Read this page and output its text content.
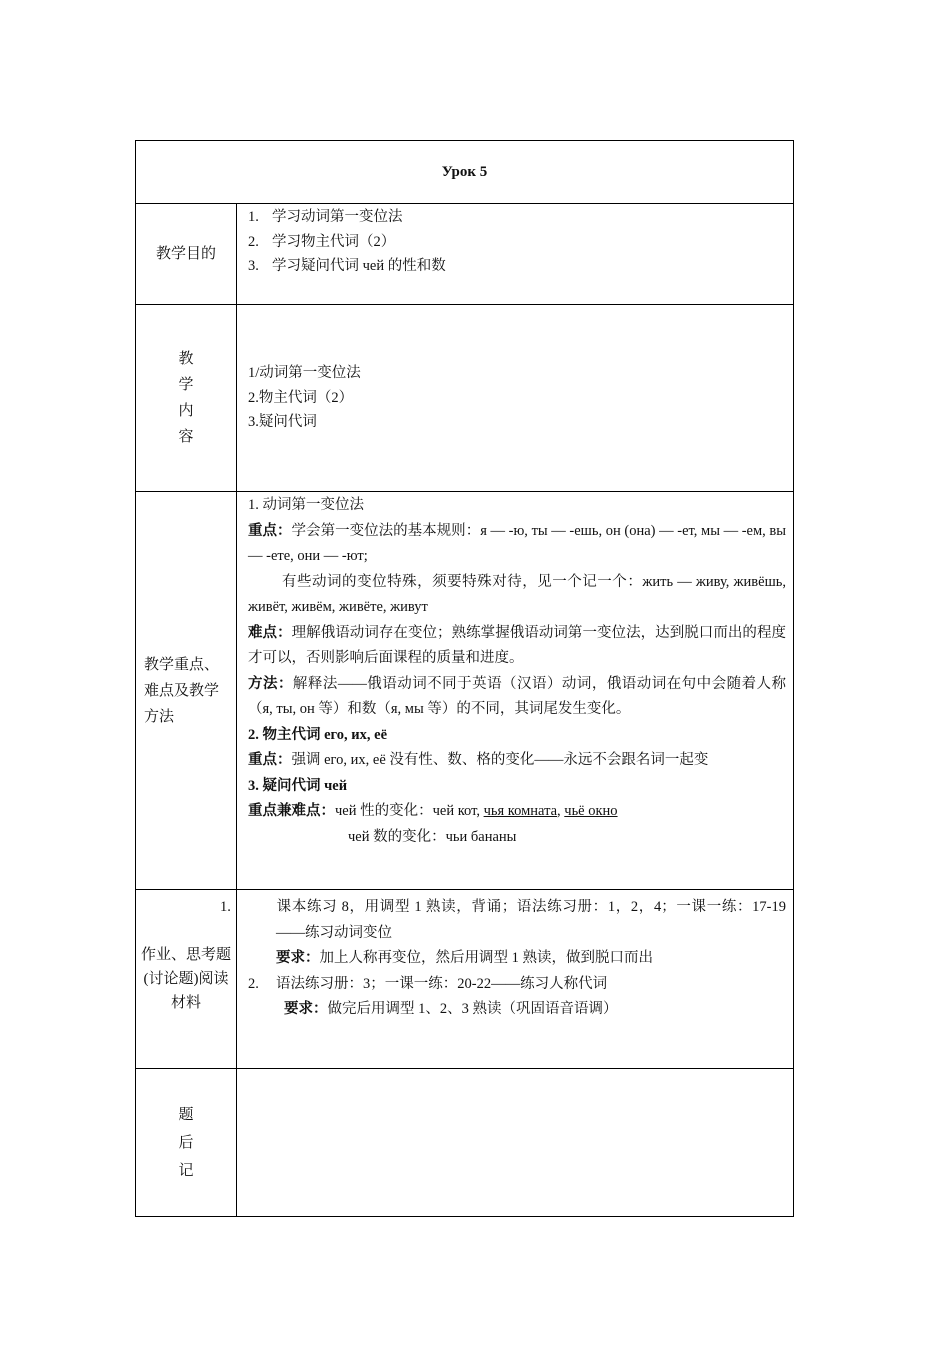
Урок 5
教学目的
1. 学习动词第一变位法
2. 学习物主代词（2）
3. 学习疑问代词 чей 的性和数
教
学
内
容
1/动词第一变位法
2.物主代词（2）
3.疑问代词
教学重点、难点及教学方法
1. 动词第一变位法
重点：学会第一变位法的基本规则：я — -ю, ты — -ешь, он (она) — -ет, мы — -ем, вы — -ете, они — -ют;
有些动词的变位特殊，须要特殊对待，见一个记一个：жить — живу, живёшь, живёт, живём, живёте, живут
难点：理解俄语动词存在变位；熟练掌握俄语动词第一变位法，达到脱口而出的程度才可以，否则影响后面课程的质量和进度。
方法：解释法——俄语动词不同于英语（汉语）动词，俄语动词在句中会随着人称（я, ты, он 等）和数（я, мы 等）的不同，其词尾发生变化。
2. 物主代词 его, их, её
重点：强调 его, их, её 没有性、数、格的变化——永远不会跟名词一起变
3. 疑问代词 чей
重点兼难点：чей 性的变化：чей кот, чья комната, чьё окно
чей 数的变化：чьи бананы
作业、思考题(讨论题)阅读材料
1.	课本练习 8，用调型 1 熟读，背诵；语法练习册：1，2，4；一课一练：17-19 ——练习动词变位
要求：加上人称再变位，然后用调型 1 熟读，做到脱口而出
2. 语法练习册：3；一课一练：20-22——练习人称代词
要求：做完后用调型 1、2、3 熟读（巩固语音语调）
题
后
记
